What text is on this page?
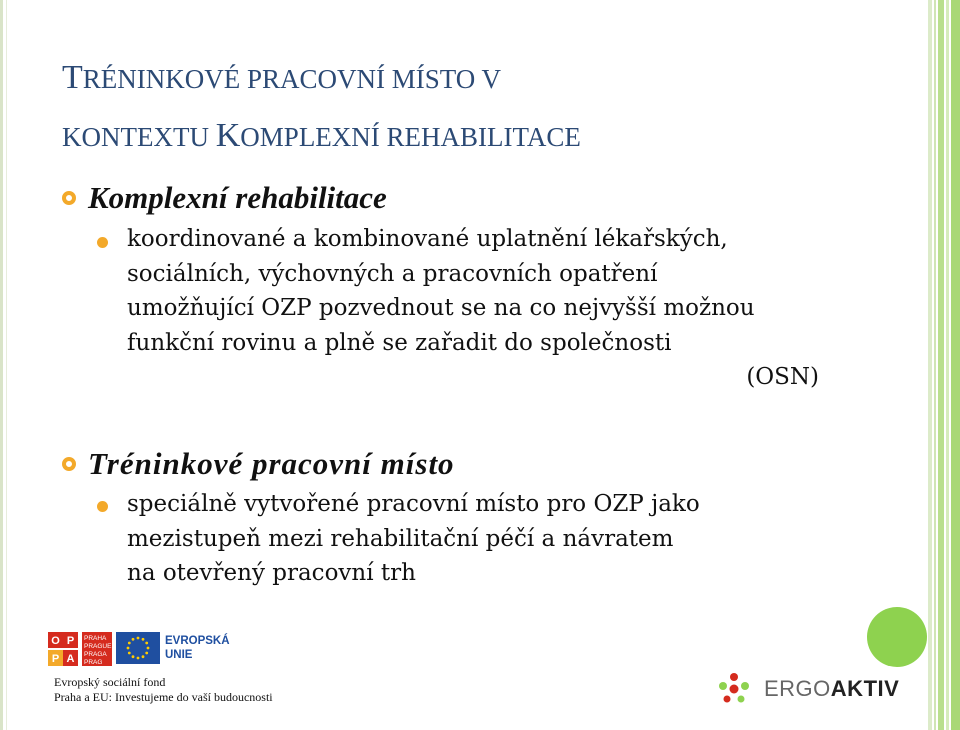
TRÉNINKOVÉ PRACOVNÍ MÍSTO V
KONTEXTU KOMPLEXNÍ REHABILITACE
Komplexní rehabilitace
koordinované a kombinované uplatnění lékařských,
sociálních, výchovných a pracovních opatření
umožňující OZP pozvednout se na co nejvyšší možnou
funkční rovinu a plně se zařadit do společnosti
(OSN)
Tréninkové pracovní místo
speciálně vytvořené pracovní místo pro OZP jako
mezistupeň mezi rehabilitační péčí a návratem
na otevřený pracovní trh
O P
P A
PRAHA
PRAGUE
PRAGA
PRAG
EVROPSKÁ
UNIE
Evropský sociální fond
Praha a EU: Investujeme do vaší budoucnosti	ERGOAKTIV
